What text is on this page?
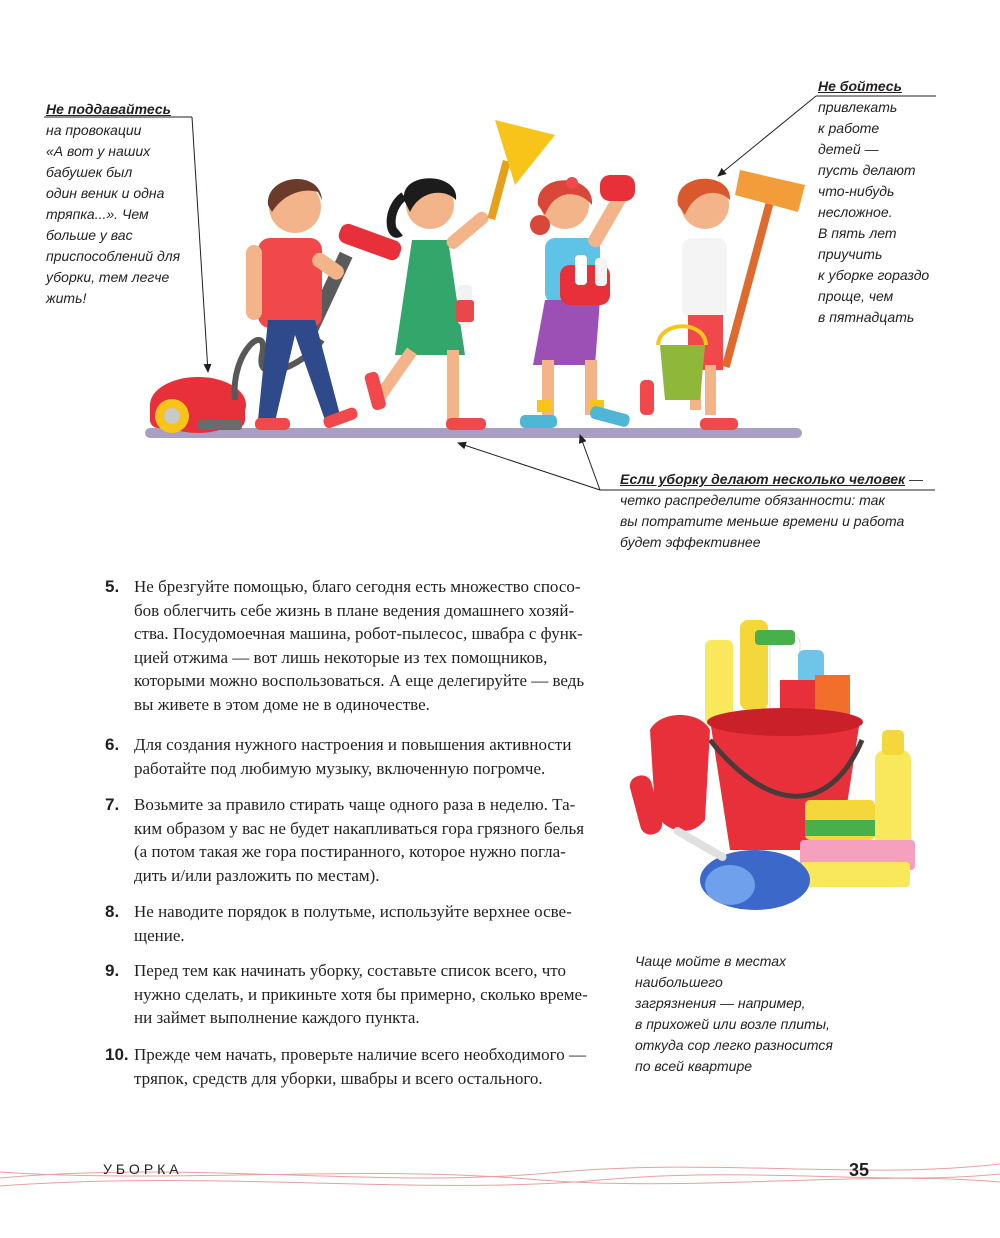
Не поддавайтесь
на провокации
«А вот у наших
бабушек был
один веник и одна
тряпка...». Чем
больше у вас
приспособлений для
уборки, тем легче
жить!
Не бойтесь
привлекать
к работе
детей —
пусть делают
что-нибудь
несложное.
В пять лет
приучить
к уборке гораздо
проще, чем
в пятнадцать
Если уборку делают несколько человек —
четко распределите обязанности: так
вы потратите меньше времени и работа
будет эффективнее
5. Не брезгуйте помощью, благо сегодня есть множество спосо-
бов облегчить себе жизнь в плане ведения домашнего хозяй-
ства. Посудомоечная машина, робот-пылесос, швабра с функ-
цией отжима — вот лишь некоторые из тех помощников,
которыми можно воспользоваться. А еще делегируйте — ведь
вы живете в этом доме не в одиночестве.
6. Для создания нужного настроения и повышения активности
работайте под любимую музыку, включенную погромче.
7. Возьмите за правило стирать чаще одного раза в неделю. Та-
ким образом у вас не будет накапливаться гора грязного белья
(а потом такая же гора постиранного, которое нужно погла-
дить и/или разложить по местам).
8. Не наводите порядок в полутьме, используйте верхнее осве-
щение.
9. Перед тем как начинать уборку, составьте список всего, что
нужно сделать, и прикиньте хотя бы примерно, сколько време-
ни займет выполнение каждого пункта.
10. Прежде чем начать, проверьте наличие всего необходимого —
тряпок, средств для уборки, швабры и всего остального.
Чаще мойте в местах
наибольшего
загрязнения — например,
в прихожей или возле плиты,
откуда сор легко разносится
по всей квартире
УБОРКА	35
